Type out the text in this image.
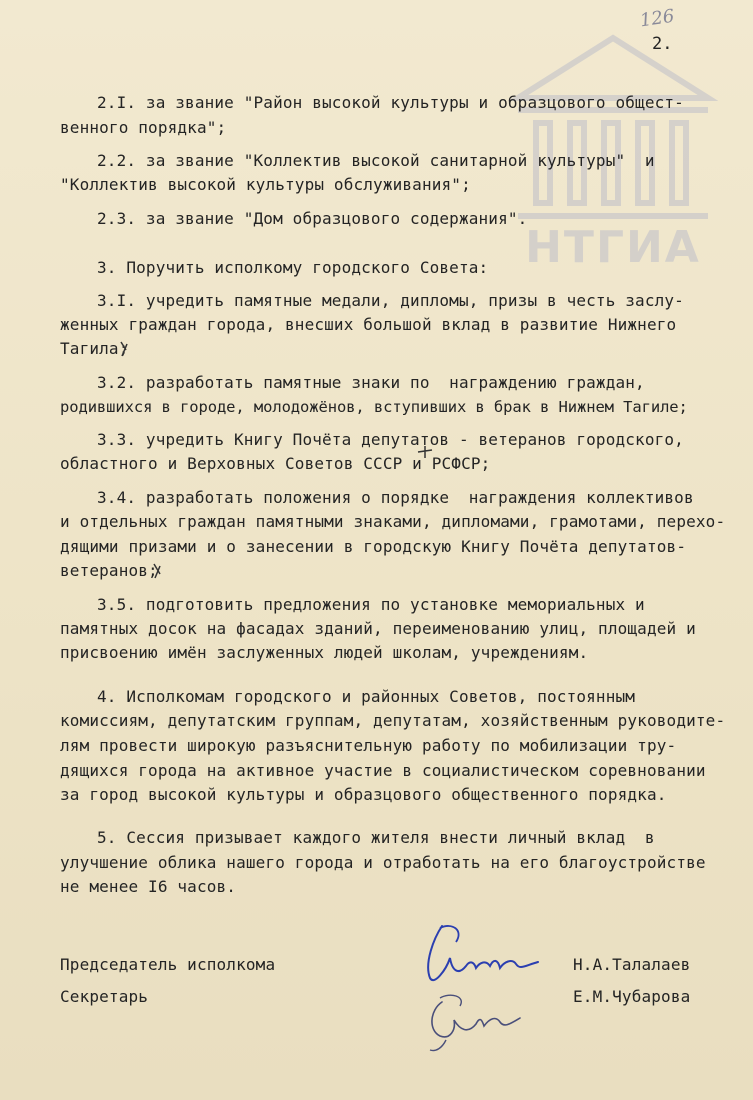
НТГИА
126
2.
2.I. за звание "Район высокой культуры и образцового общест-
венного порядка";
2.2. за звание "Коллектив высокой санитарной культуры"  и
"Коллектив высокой культуры обслуживания";
2.3. за звание "Дом образцового содержания".
3. Поручить исполкому городского Совета:
3.I. учредить памятные медали, дипломы, призы в честь заслу-
женных граждан города, внесших большой вклад в развитие Нижнего
Тагила;
3.2. разработать памятные знаки по  награждению граждан,
родившихся в городе, молодожёнов, вступивших в брак в Нижнем Тагиле;
3.3. учредить Книгу Почёта депутатов - ветеранов городского,
областного и Верховных Советов СССР и РСФСР;
3.4. разработать положения о порядке  награждения коллективов
и отдельных граждан памятными знаками, дипломами, грамотами, перехо-
дящими призами и о занесении в городскую Книгу Почёта депутатов-
ветеранов;
3.5. подготовить предложения по установке мемориальных и
памятных досок на фасадах зданий, переименованию улиц, площадей и
присвоению имён заслуженных людей школам, учреждениям.
4. Исполкомам городского и районных Советов, постоянным
комиссиям, депутатским группам, депутатам, хозяйственным руководите-
лям провести широкую разъяснительную работу по мобилизации тру-
дящихся города на активное участие в социалистическом соревновании
за город высокой культуры и образцового общественного порядка.
5. Сессия призывает каждого жителя внести личный вклад  в
улучшение облика нашего города и отработать на его благоустройстве
не менее I6 часов.
Председатель исполкома	Н.А.Талалаев
Секретарь	Е.М.Чубарова
